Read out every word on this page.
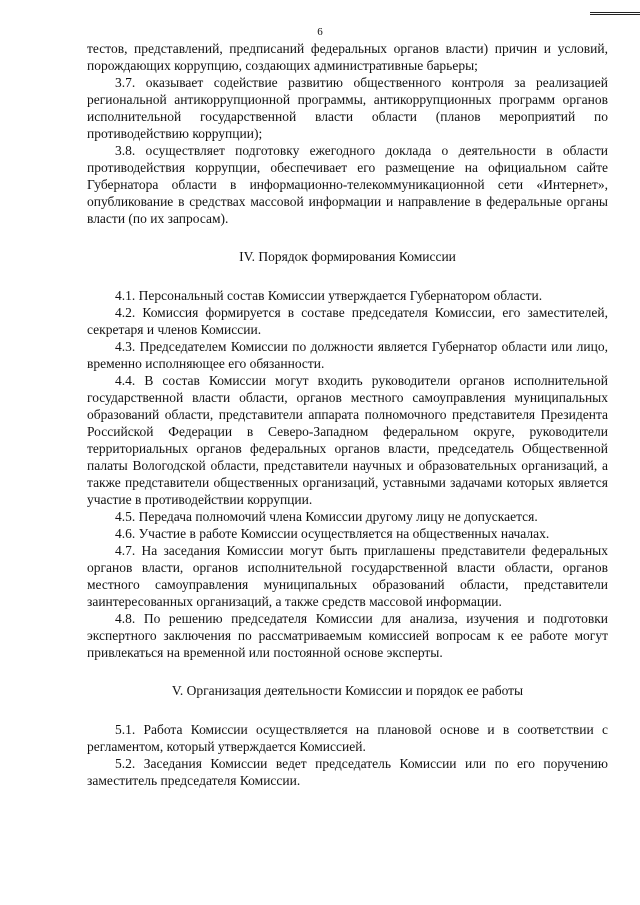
6

тестов, представлений, предписаний федеральных органов власти) причин и условий, порождающих коррупцию, создающих административные барьеры;

3.7. оказывает содействие развитию общественного контроля за реализацией региональной антикоррупционной программы, антикоррупционных программ органов исполнительной государственной власти области (планов мероприятий по противодействию коррупции);

3.8. осуществляет подготовку ежегодного доклада о деятельности в области противодействия коррупции, обеспечивает его размещение на официальном сайте Губернатора области в информационно-телекоммуникационной сети «Интернет», опубликование в средствах массовой информации и направление в федеральные органы власти (по их запросам).

IV. Порядок формирования Комиссии

4.1. Персональный состав Комиссии утверждается Губернатором области.

4.2. Комиссия формируется в составе председателя Комиссии, его заместителей, секретаря и членов Комиссии.

4.3. Председателем Комиссии по должности является Губернатор области или лицо, временно исполняющее его обязанности.

4.4. В состав Комиссии могут входить руководители органов исполнительной государственной власти области, органов местного самоуправления муниципальных образований области, представители аппарата полномочного представителя Президента Российской Федерации в Северо-Западном федеральном округе, руководители территориальных органов федеральных органов власти, председатель Общественной палаты Вологодской области, представители научных и образовательных организаций, а также представители общественных организаций, уставными задачами которых является участие в противодействии коррупции.

4.5. Передача полномочий члена Комиссии другому лицу не допускается.

4.6. Участие в работе Комиссии осуществляется на общественных началах.

4.7. На заседания Комиссии могут быть приглашены представители федеральных органов власти, органов исполнительной государственной власти области, органов местного самоуправления муниципальных образований области, представители заинтересованных организаций, а также средств массовой информации.

4.8. По решению председателя Комиссии для анализа, изучения и подготовки экспертного заключения по рассматриваемым комиссией вопросам к ее работе могут привлекаться на временной или постоянной основе эксперты.

V. Организация деятельности Комиссии и порядок ее работы

5.1. Работа Комиссии осуществляется на плановой основе и в соответствии с регламентом, который утверждается Комиссией.

5.2. Заседания Комиссии ведет председатель Комиссии или по его поручению заместитель председателя Комиссии.
